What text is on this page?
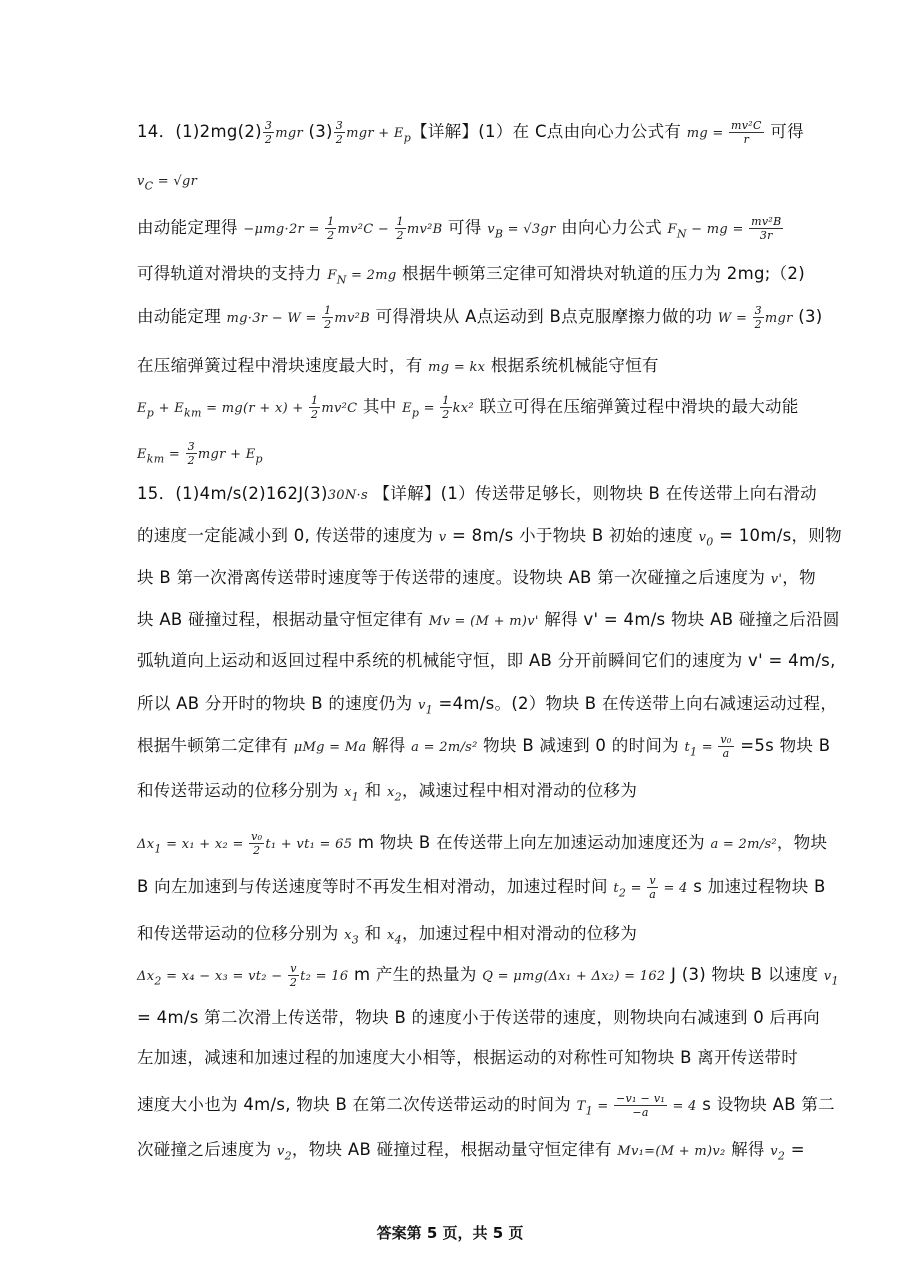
14．$(1)2mg(2) \frac{3}{2}$ mgr $(3) \frac{3}{2}$ mgr + $E_p$【详解】(1）在 C点由向心力公式有 mg = $\frac{\text{mv²C}}{r}$ 可得
$v_C = √gr$
由动能定理得 $-\mu mg\cdot 2r = \frac{1}{2} mv^2C - \frac{1}{2} mv^2B$ 可得 $v_B = √3gr$ 由向心力公式 $F_N$ − mg = $\frac{\text{mv²B}}{3r}$
可得轨道对滑块的支持力 $F_N = 2mg$ 根据牛顿第三定律可知滑块对轨道的压力为 2mg;（2)
由动能定理 $mg\cdot 3r - W = \frac{1}{2} mv^2B$ 可得滑块从 A点运动到 B点克服摩擦力做的功 $W = \frac{3}{2}$ mgr (3)
在压缩弹簧过程中滑块速度最大时，有 mg = kx 根据系统机械能守恒有
$E_p + E_{km} = mg(r + x) + \frac{1}{2} mv^2C$ 其中 $E_p = \frac{1}{2} kx^2$ 联立可得在压缩弹簧过程中滑块的最大动能
$E_{km} = \frac{3}{2}$ mgr + $E_p$
15．(1)4m/s(2)162J(3)30N·s 【详解】(1）传送带足够长，则物块 B 在传送带上向右滑动
的速度一定能减小到 0, 传送带的速度为 v = 8m/s 小于物块 B 初始的速度 $v_0 = 10m/s$，则物
块 B 第一次滑离传送带时速度等于传送带的速度。设物块 AB 第一次碰撞之后速度为 v'，物
块 AB 碰撞过程，根据动量守恒定律有 Mv = (M + m)v' 解得 v' = 4m/s 物块 AB 碰撞之后沿圆
弧轨道向上运动和返回过程中系统的机械能守恒，即 AB 分开前瞬间它们的速度为 v' = 4m/s,
所以 AB 分开时的物块 B 的速度仍为 $v_1 =4m/s$。(2）物块 B 在传送带上向右减速运动过程，
根据牛顿第二定律有 μMg = Ma 解得 a = 2m/s² 物块 B 减速到 0 的时间为 $t_1 = \frac{\text{v₀}}{a} =5s$ 物块 B
和传送带运动的位移分别为 $x_1$ 和 $x_2$，减速过程中相对滑动的位移为
$\Delta x_1 = x_1 + x_2 = \frac{\text{v₀}}{2} t_1 + vt_1 = 65$ m 物块 B 在传送带上向左加速运动加速度还为 a = 2m/s²，物块
B 向左加速到与传送速度等时不再发生相对滑动，加速过程时间 $t_2 = \frac{v}{a} = 4$ s 加速过程物块 B
和传送带运动的位移分别为 $x_3$ 和 $x_4$，加速过程中相对滑动的位移为
$\Delta x_2 = x_4 - x_3 = vt_2 - \frac{v}{2} t_2 = 16$ m 产生的热量为 Q = μmg(Δx₁ + Δx₂) = 162 J (3) 物块 B 以速度 $v_1$
= 4m/s 第二次滑上传送带，物块 B 的速度小于传送带的速度，则物块向右减速到 0 后再向
左加速，减速和加速过程的加速度大小相等，根据运动的对称性可知物块 B 离开传送带时
速度大小也为 4m/s, 物块 B 在第二次传送带运动的时间为 $T_1 = \frac{\text{−v₁ − v₁}}{-a} = 4$ s 设物块 AB 第二
次碰撞之后速度为 $v_2$，物块 AB 碰撞过程，根据动量守恒定律有 Mv₁=(M + m)v₂ 解得 $v_2$ =
答案第 5 页，共 5 页
